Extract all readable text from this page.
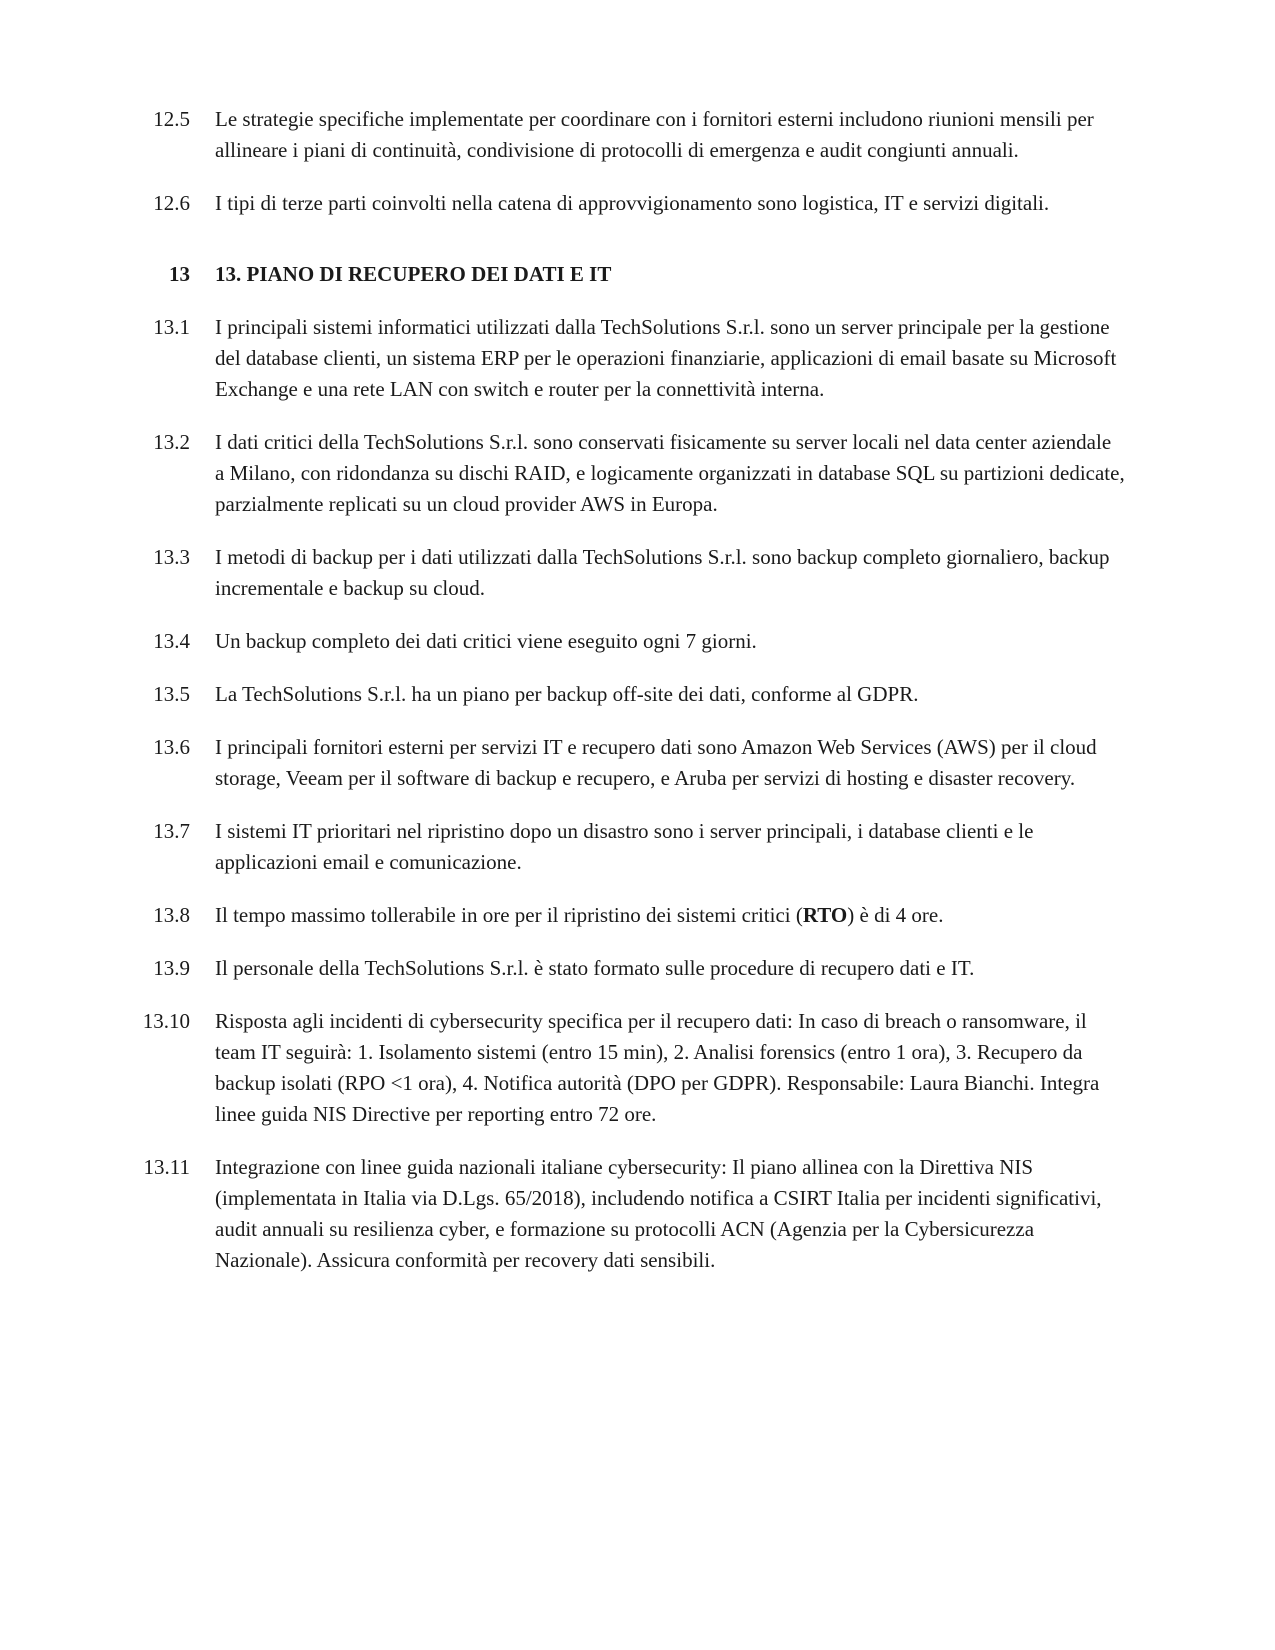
12.5 Le strategie specifiche implementate per coordinare con i fornitori esterni includono riunioni mensili per allineare i piani di continuità, condivisione di protocolli di emergenza e audit congiunti annuali.
12.6 I tipi di terze parti coinvolti nella catena di approvvigionamento sono logistica, IT e servizi digitali.
13 13. PIANO DI RECUPERO DEI DATI E IT
13.1 I principali sistemi informatici utilizzati dalla TechSolutions S.r.l. sono un server principale per la gestione del database clienti, un sistema ERP per le operazioni finanziarie, applicazioni di email basate su Microsoft Exchange e una rete LAN con switch e router per la connettività interna.
13.2 I dati critici della TechSolutions S.r.l. sono conservati fisicamente su server locali nel data center aziendale a Milano, con ridondanza su dischi RAID, e logicamente organizzati in database SQL su partizioni dedicate, parzialmente replicati su un cloud provider AWS in Europa.
13.3 I metodi di backup per i dati utilizzati dalla TechSolutions S.r.l. sono backup completo giornaliero, backup incrementale e backup su cloud.
13.4 Un backup completo dei dati critici viene eseguito ogni 7 giorni.
13.5 La TechSolutions S.r.l. ha un piano per backup off-site dei dati, conforme al GDPR.
13.6 I principali fornitori esterni per servizi IT e recupero dati sono Amazon Web Services (AWS) per il cloud storage, Veeam per il software di backup e recupero, e Aruba per servizi di hosting e disaster recovery.
13.7 I sistemi IT prioritari nel ripristino dopo un disastro sono i server principali, i database clienti e le applicazioni email e comunicazione.
13.8 Il tempo massimo tollerabile in ore per il ripristino dei sistemi critici (RTO) è di 4 ore.
13.9 Il personale della TechSolutions S.r.l. è stato formato sulle procedure di recupero dati e IT.
13.10 Risposta agli incidenti di cybersecurity specifica per il recupero dati: In caso di breach o ransomware, il team IT seguirà: 1. Isolamento sistemi (entro 15 min), 2. Analisi forensics (entro 1 ora), 3. Recupero da backup isolati (RPO <1 ora), 4. Notifica autorità (DPO per GDPR). Responsabile: Laura Bianchi. Integra linee guida NIS Directive per reporting entro 72 ore.
13.11 Integrazione con linee guida nazionali italiane cybersecurity: Il piano allinea con la Direttiva NIS (implementata in Italia via D.Lgs. 65/2018), includendo notifica a CSIRT Italia per incidenti significativi, audit annuali su resilienza cyber, e formazione su protocolli ACN (Agenzia per la Cybersicurezza Nazionale). Assicura conformità per recovery dati sensibili.
